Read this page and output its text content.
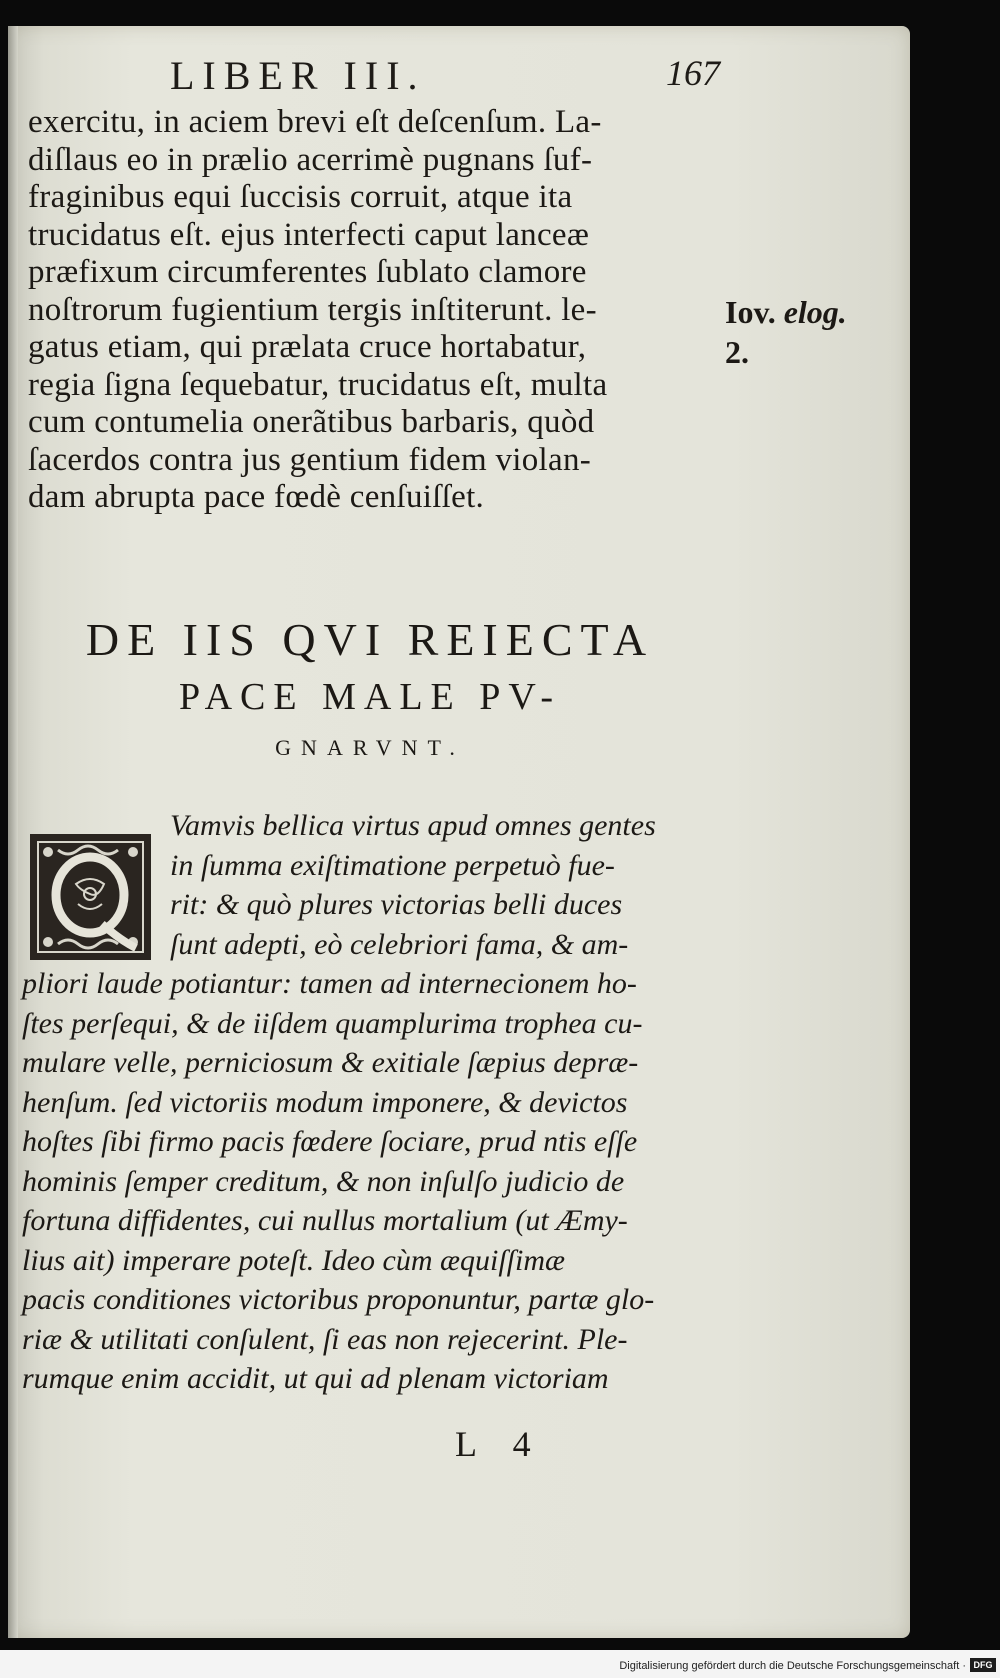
LIBER III.	167
exercitu, in aciem brevi eſt deſcenſum. La-
diſlaus eo in prælio acerrimè pugnans ſuf-
fraginibus equi ſuccisis corruit, atque ita
trucidatus eſt. ejus interfecti caput lanceæ
præfixum circumferentes ſublato clamore
noſtrorum fugientium tergis inſtiterunt. le-
gatus etiam, qui prælata cruce hortabatur,
regia ſigna ſequebatur, trucidatus eſt, multa
cum contumelia onerãtibus barbaris, quòd
ſacerdos contra jus gentium fidem violan-
dam abrupta pace fœdè cenſuiſſet.
Iov. elog.
2.
DE IIS QVI REIECTA
PACE MALE PV-
GNARVNT.
Q	Vamvis bellica virtus apud omnes gentes
in ſumma exiſtimatione perpetuò fue-
rit: & quò plures victorias belli duces
ſunt adepti, eò celebriori fama, & am-
pliori laude potiantur: tamen ad internecionem ho-
ſtes perſequi, & de iiſdem quamplurima trophea cu-
mulare velle, perniciosum & exitiale ſæpius depræ-
henſum. ſed victoriis modum imponere, & devictos
hoſtes ſibi firmo pacis fœdere ſociare, prud ntis eſſe
hominis ſemper creditum, & non inſulſo judicio de
fortuna diffidentes, cui nullus mortalium (ut Æmy-
lius ait) imperare poteſt. Ideo cùm æquiſſimæ
pacis conditiones victoribus proponuntur, partæ glo-
riæ & utilitati conſulent, ſi eas non rejecerint. Ple-
rumque enim accidit, ut qui ad plenam victoriam
L 4
Digitalisierung gefördert durch die Deutsche Forschungsgemeinschaft · DFG
